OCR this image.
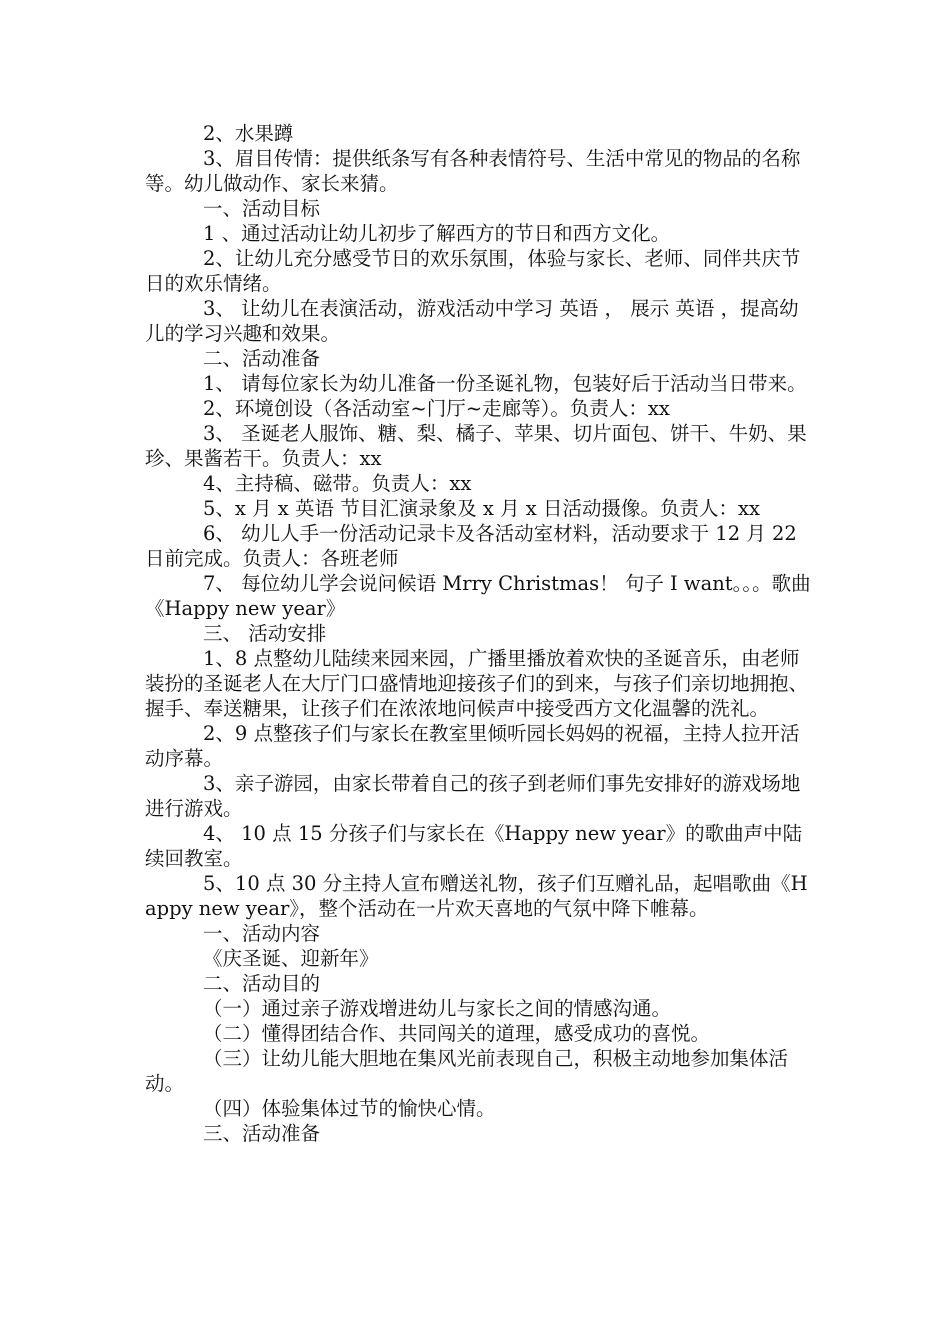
2、水果蹲

3、眉目传情：提供纸条写有各种表情符号、生活中常见的物品的名称等。幼儿做动作、家长来猜。

一、活动目标

1 、通过活动让幼儿初步了解西方的节日和西方文化。

2、让幼儿充分感受节日的欢乐氛围，体验与家长、老师、同伴共庆节日的欢乐情绪。

3、 让幼儿在表演活动，游戏活动中学习 英语 ， 展示 英语 ，提高幼儿的学习兴趣和效果。

二、活动准备

1、 请每位家长为幼儿准备一份圣诞礼物，包装好后于活动当日带来。

2、环境创设（各活动室~门厅~走廊等）。负责人：xx

3、 圣诞老人服饰、糖、梨、橘子、苹果、切片面包、饼干、牛奶、果珍、果酱若干。负责人：xx

4、主持稿、磁带。负责人：xx

5、x 月 x 英语 节目汇演录象及 x 月 x 日活动摄像。负责人：xx

6、 幼儿人手一份活动记录卡及各活动室材料，活动要求于 12 月 22 日前完成。负责人：各班老师

7、 每位幼儿学会说问候语 Mrry Christmas！ 句子 I want。。。歌曲《Happy new year》

三、 活动安排

1、8 点整幼儿陆续来园来园，广播里播放着欢快的圣诞音乐，由老师装扮的圣诞老人在大厅门口盛情地迎接孩子们的到来，与孩子们亲切地拥抱、握手、奉送糖果，让孩子们在浓浓地问候声中接受西方文化温馨的洗礼。

2、9 点整孩子们与家长在教室里倾听园长妈妈的祝福，主持人拉开活动序幕。

3、亲子游园，由家长带着自己的孩子到老师们事先安排好的游戏场地进行游戏。

4、 10 点 15 分孩子们与家长在《Happy new year》的歌曲声中陆续回教室。

5、10 点 30 分主持人宣布赠送礼物，孩子们互赠礼品，起唱歌曲《Happy new year》，整个活动在一片欢天喜地的气氛中降下帷幕。

一、活动内容

《庆圣诞、迎新年》

二、活动目的

（一）通过亲子游戏增进幼儿与家长之间的情感沟通。

（二）懂得团结合作、共同闯关的道理，感受成功的喜悦。

（三）让幼儿能大胆地在集风光前表现自己，积极主动地参加集体活动。

（四）体验集体过节的愉快心情。

三、活动准备
